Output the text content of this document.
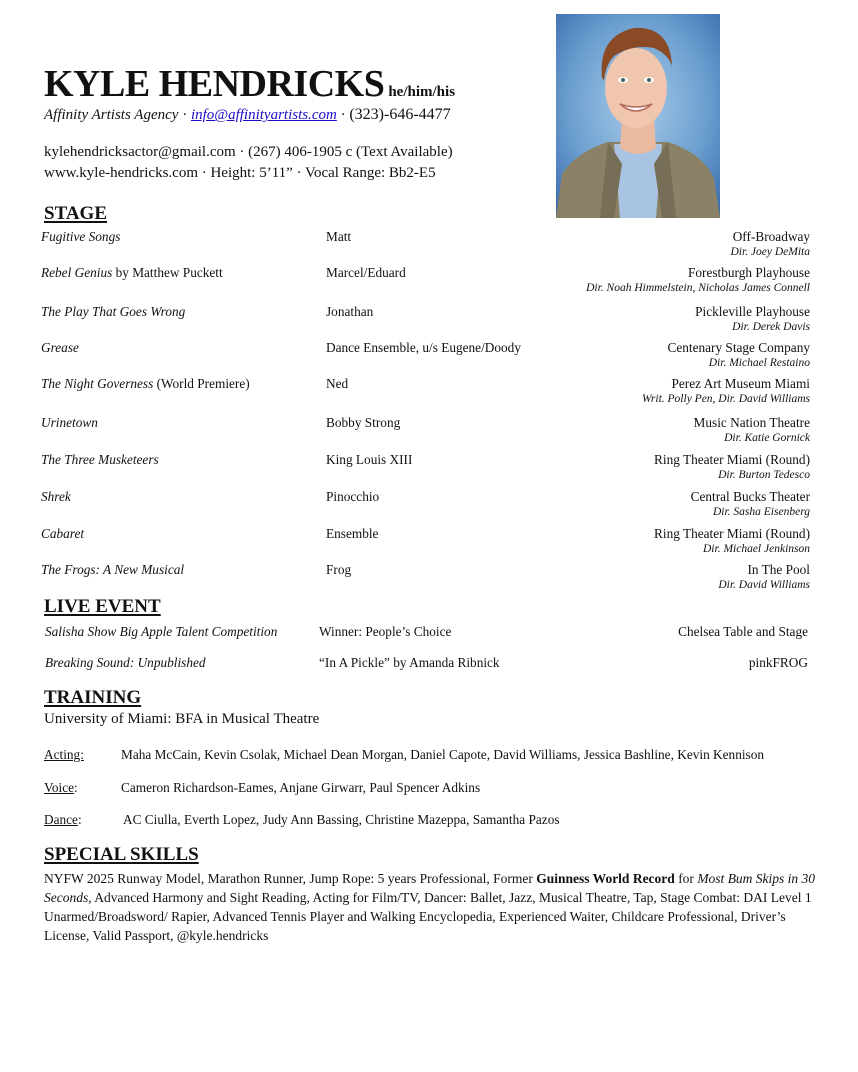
KYLE HENDRICKS he/him/his
Affinity Artists Agency · info@affinityartists.com · (323)-646-4477
kylehendricksactor@gmail.com · (267) 406-1905 c (Text Available)
www.kyle-hendricks.com · Height: 5’11” · Vocal Range: Bb2-E5
STAGE
Fugitive Songs	Matt	Off-Broadway
Dir. Joey DeMita
Rebel Genius by Matthew Puckett	Marcel/Eduard	Forestburgh Playhouse
Dir. Noah Himmelstein, Nicholas James Connell
The Play That Goes Wrong	Jonathan	Pickleville Playhouse
Dir. Derek Davis
Grease	Dance Ensemble, u/s Eugene/Doody	Centenary Stage Company
Dir. Michael Restaino
The Night Governess (World Premiere)	Ned	Perez Art Museum Miami
Writ. Polly Pen, Dir. David Williams
Urinetown	Bobby Strong	Music Nation Theatre
Dir. Katie Gornick
The Three Musketeers	King Louis XIII	Ring Theater Miami (Round)
Dir. Burton Tedesco
Shrek	Pinocchio	Central Bucks Theater
Dir. Sasha Eisenberg
Cabaret	Ensemble	Ring Theater Miami (Round)
Dir. Michael Jenkinson
The Frogs: A New Musical	Frog	In The Pool
Dir. David Williams
LIVE EVENT
Salisha Show Big Apple Talent Competition	Winner: People’s Choice	Chelsea Table and Stage
Breaking Sound: Unpublished	“In A Pickle” by Amanda Ribnick	pinkFROG
TRAINING
University of Miami: BFA in Musical Theatre
Acting:	Maha McCain, Kevin Csolak, Michael Dean Morgan, Daniel Capote, David Williams, Jessica Bashline, Kevin Kennison
Voice:	Cameron Richardson-Eames, Anjane Girwarr, Paul Spencer Adkins
Dance:	AC Ciulla, Everth Lopez, Judy Ann Bassing, Christine Mazeppa, Samantha Pazos
SPECIAL SKILLS
NYFW 2025 Runway Model, Marathon Runner, Jump Rope: 5 years Professional, Former Guinness World Record for Most Bum Skips in 30 Seconds, Advanced Harmony and Sight Reading, Acting for Film/TV, Dancer: Ballet, Jazz, Musical Theatre, Tap, Stage Combat: DAI Level 1 Unarmed/Broadsword/ Rapier, Advanced Tennis Player and Walking Encyclopedia, Experienced Waiter, Childcare Professional, Driver’s License, Valid Passport, @kyle.hendricks
